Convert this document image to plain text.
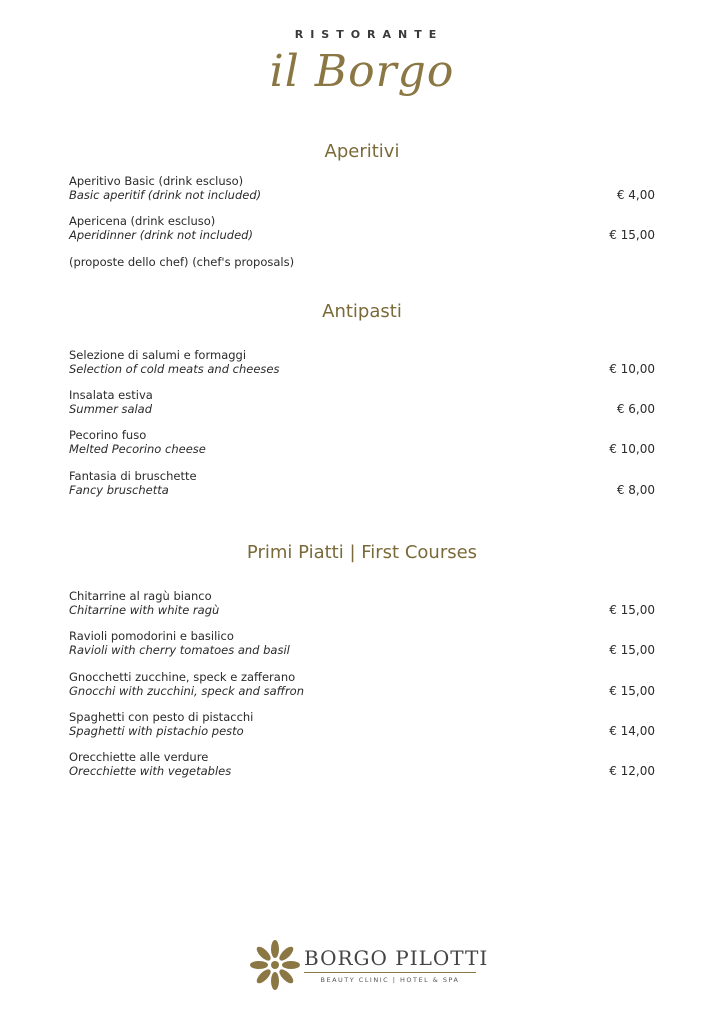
RISTORANTE
il Borgo
Aperitivi
Aperitivo Basic (drink escluso)
Basic aperitif (drink not included)	€ 4,00
Apericena (drink escluso)
Aperidinner (drink not included)	€ 15,00
(proposte dello chef) (chef's proposals)
Antipasti
Selezione di salumi e formaggi
Selection of cold meats and cheeses	€ 10,00
Insalata estiva
Summer salad	€ 6,00
Pecorino fuso
Melted Pecorino cheese	€ 10,00
Fantasia di bruschette
Fancy bruschetta	€ 8,00
Primi Piatti | First Courses
Chitarrine al ragù bianco
Chitarrine with white ragù	€ 15,00
Ravioli pomodorini e basilico
Ravioli with cherry tomatoes and basil	€ 15,00
Gnocchetti zucchine, speck e zafferano
Gnocchi with zucchini, speck and saffron	€ 15,00
Spaghetti con pesto di pistacchi
Spaghetti with pistachio pesto	€ 14,00
Orecchiette alle verdure
Orecchiette with vegetables	€ 12,00
BORGO PILOTTI
BEAUTY CLINIC | HOTEL & SPA
